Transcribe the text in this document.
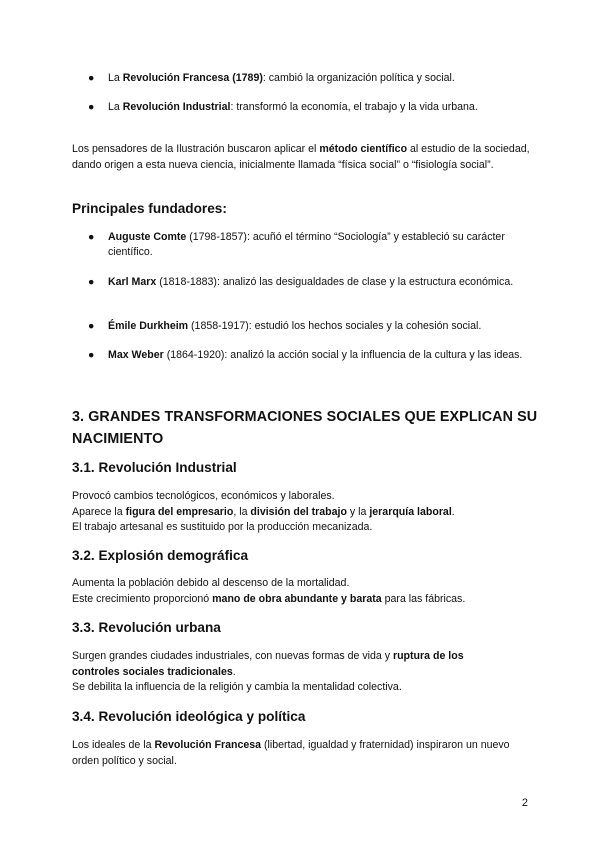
● La Revolución Francesa (1789): cambió la organización política y social.
● La Revolución Industrial: transformó la economía, el trabajo y la vida urbana.
Los pensadores de la Ilustración buscaron aplicar el método científico al estudio de la sociedad, dando origen a esta nueva ciencia, inicialmente llamada “física social” o “fisiología social”.
Principales fundadores:
● Auguste Comte (1798-1857): acuñó el término “Sociología” y estableció su carácter científico.
● Karl Marx (1818-1883): analizó las desigualdades de clase y la estructura económica.
● Émile Durkheim (1858-1917): estudió los hechos sociales y la cohesión social.
● Max Weber (1864-1920): analizó la acción social y la influencia de la cultura y las ideas.
3. GRANDES TRANSFORMACIONES SOCIALES QUE EXPLICAN SU NACIMIENTO
3.1. Revolución Industrial
Provocó cambios tecnológicos, económicos y laborales.
Aparece la figura del empresario, la división del trabajo y la jerarquía laboral.
El trabajo artesanal es sustituido por la producción mecanizada.
3.2. Explosión demográfica
Aumenta la población debido al descenso de la mortalidad.
Este crecimiento proporcionó mano de obra abundante y barata para las fábricas.
3.3. Revolución urbana
Surgen grandes ciudades industriales, con nuevas formas de vida y ruptura de los controles sociales tradicionales.
Se debilita la influencia de la religión y cambia la mentalidad colectiva.
3.4. Revolución ideológica y política
Los ideales de la Revolución Francesa (libertad, igualdad y fraternidad) inspiraron un nuevo orden político y social.
2
